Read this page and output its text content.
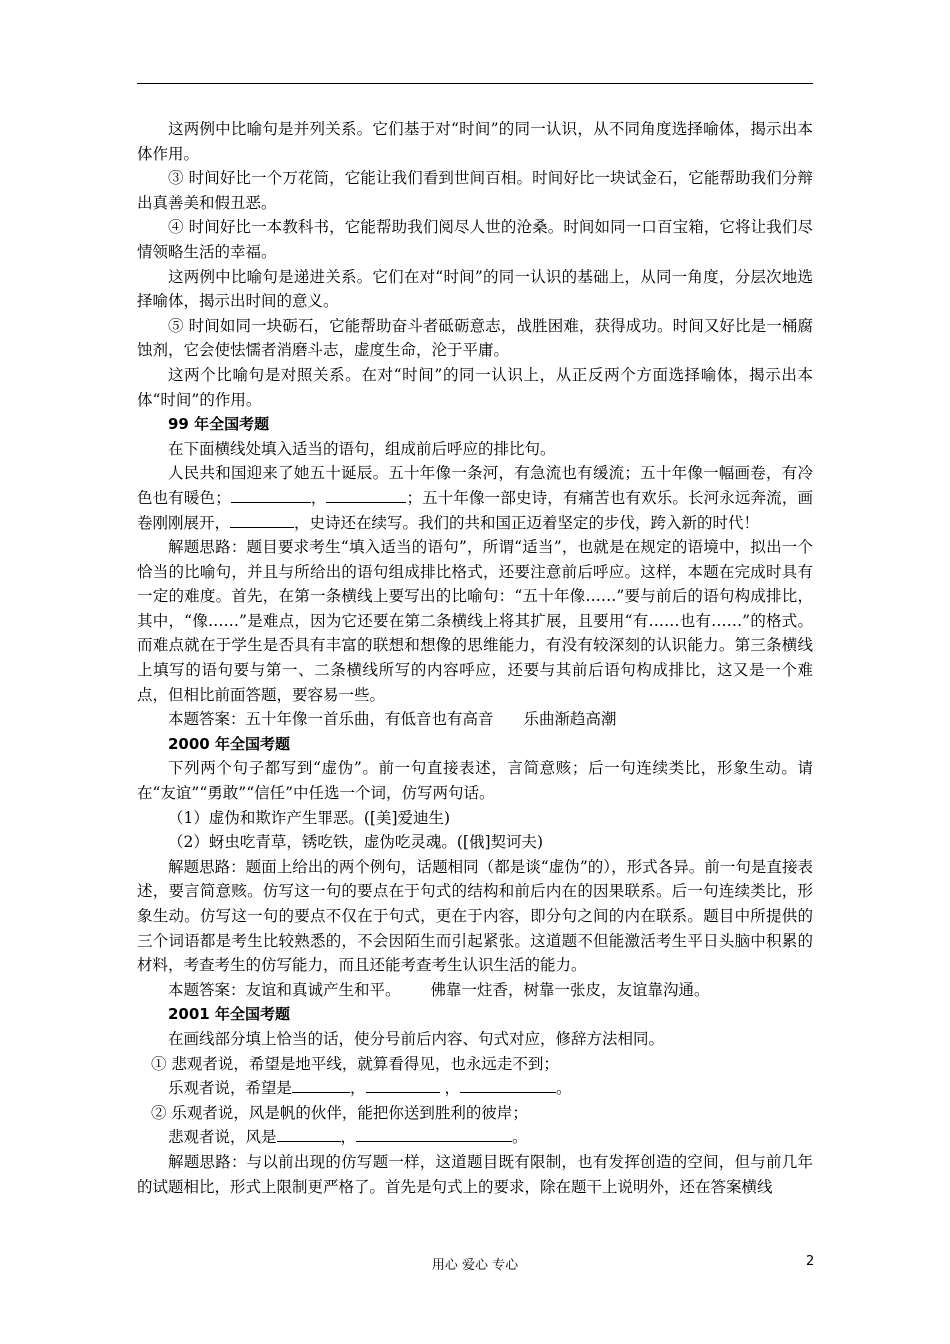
这两例中比喻句是并列关系。它们基于对“时间”的同一认识，从不同角度选择喻体，揭示出本体作用。

③ 时间好比一个万花筒，它能让我们看到世间百相。时间好比一块试金石，它能帮助我们分辩出真善美和假丑恶。

④ 时间好比一本教科书，它能帮助我们阅尽人世的沧桑。时间如同一口百宝箱，它将让我们尽情领略生活的幸福。

这两例中比喻句是递进关系。它们在对“时间”的同一认识的基础上，从同一角度，分层次地选择喻体，揭示出时间的意义。

⑤ 时间如同一块砺石，它能帮助奋斗者砥砺意志，战胜困难，获得成功。时间又好比是一桶腐蚀剂，它会使怯懦者消磨斗志，虚度生命，沦于平庸。

这两个比喻句是对照关系。在对“时间”的同一认识上，从正反两个方面选择喻体，揭示出本体“时间”的作用。

99 年全国考题

在下面横线处填入适当的语句，组成前后呼应的排比句。

人民共和国迎来了她五十诞辰。五十年像一条河，有急流也有缓流；五十年像一幅画卷，有冷色也有暖色；	，	；五十年像一部史诗，有痛苦也有欢乐。长河永远奔流，画卷刚刚展开，	，史诗还在续写。我们的共和国正迈着坚定的步伐，跨入新的时代！

解题思路：题目要求考生“填入适当的语句”，所谓“适当”，也就是在规定的语境中，拟出一个恰当的比喻句，并且与所给出的语句组成排比格式，还要注意前后呼应。这样，本题在完成时具有一定的难度。首先，在第一条横线上要写出的比喻句：“五十年像……”要与前后的语句构成排比，其中，“像……”是难点，因为它还要在第二条横线上将其扩展，且要用“有……也有……”的格式。而难点就在于学生是否具有丰富的联想和想像的思维能力，有没有较深刻的认识能力。第三条横线上填写的语句要与第一、二条横线所写的内容呼应，还要与其前后语句构成排比，这又是一个难点，但相比前面答题，要容易一些。

本题答案：五十年像一首乐曲，有低音也有高音 乐曲渐趋高潮

2000 年全国考题

下列两个句子都写到“虚伪”。前一句直接表述，言简意赅；后一句连续类比，形象生动。请在“友谊”“勇敢”“信任”中任选一个词，仿写两句话。

（1）虚伪和欺诈产生罪恶。([美]爱迪生)

（2）蚜虫吃青草，锈吃铁，虚伪吃灵魂。([俄]契诃夫)

解题思路：题面上给出的两个例句，话题相同（都是谈“虚伪”的），形式各异。前一句是直接表述，要言简意赅。仿写这一句的要点在于句式的结构和前后内在的因果联系。后一句连续类比，形象生动。仿写这一句的要点不仅在于句式，更在于内容，即分句之间的内在联系。题目中所提供的三个词语都是考生比较熟悉的，不会因陌生而引起紧张。这道题不但能激活考生平日头脑中积累的材料，考查考生的仿写能力，而且还能考查考生认识生活的能力。

本题答案：友谊和真诚产生和平。 佛靠一炷香，树靠一张皮，友谊靠沟通。

2001 年全国考题

在画线部分填上恰当的话，使分号前后内容、句式对应，修辞方法相同。

① 悲观者说，希望是地平线，就算看得见，也永远走不到；

乐观者说，希望是	，	，	。

② 乐观者说，风是帆的伙伴，能把你送到胜利的彼岸；

悲观者说，风是	，	。

解题思路：与以前出现的仿写题一样，这道题目既有限制，也有发挥创造的空间，但与前几年的试题相比，形式上限制更严格了。首先是句式上的要求，除在题干上说明外，还在答案横线

用心 爱心 专心	2
